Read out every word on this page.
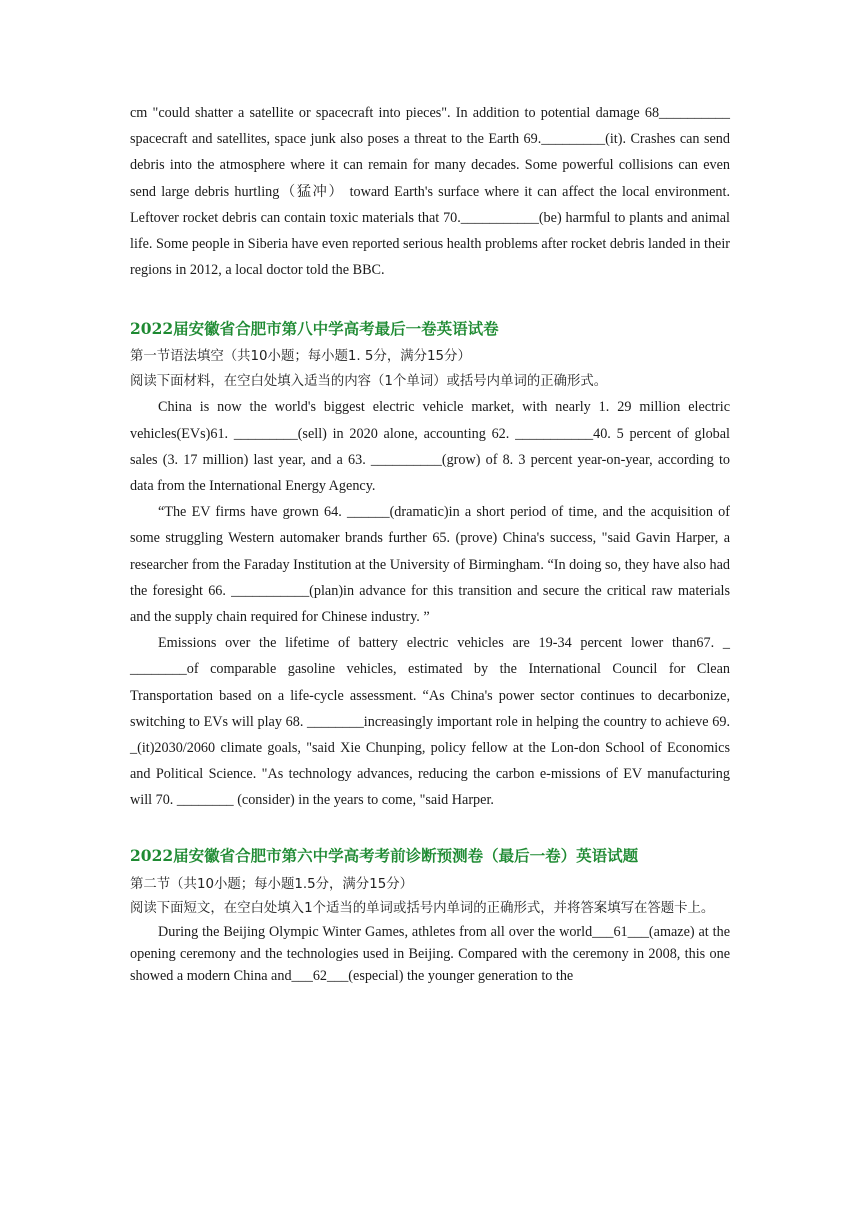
cm "could shatter a satellite or spacecraft into pieces". In addition to potential damage 68__________ spacecraft and satellites, space junk also poses a threat to the Earth 69._________(it). Crashes can send debris into the atmosphere where it can remain for many decades. Some powerful collisions can even send large debris hurtling（猛冲） toward Earth's surface where it can affect the local environment. Leftover rocket debris can contain toxic materials that 70.___________(be) harmful to plants and animal life. Some people in Siberia have even reported serious health problems after rocket debris landed in their regions in 2012, a local doctor told the BBC.

2022届安徽省合肥市第八中学高考最后一卷英语试卷

第一节语法填空（共10小题；每小题1. 5分，满分15分）

阅读下面材料，在空白处填入适当的内容（1个单词）或括号内单词的正确形式。

China is now the world's biggest electric vehicle market, with nearly 1. 29 million electric vehicles(EVs)61. _________(sell) in 2020 alone, accounting 62. ___________40. 5 percent of global sales (3. 17 million) last year, and a 63. __________(grow) of 8. 3 percent year-on-year, according to data from the International Energy Agency.

“The EV firms have grown 64. ______(dramatic)in a short period of time, and the acquisition of some struggling Western automaker brands further 65. (prove) China's success, "said Gavin Harper, a researcher from the Faraday Institution at the University of Birmingham. “In doing so, they have also had the foresight 66. ___________(plan)in advance for this transition and secure the critical raw materials and the supply chain required for Chinese industry. ”

Emissions over the lifetime of battery electric vehicles are 19-34 percent lower than67. _ ________of comparable gasoline vehicles, estimated by the International Council for Clean Transportation based on a life-cycle assessment. “As China's power sector continues to decarbonize, switching to EVs will play 68. ________increasingly important role in helping the country to achieve 69. _(it)2030/2060 climate goals, "said Xie Chunping, policy fellow at the Lon-don School of Economics and Political Science. "As technology advances, reducing the carbon e-missions of EV manufacturing will 70. ________ (consider) in the years to come, "said Harper.

2022届安徽省合肥市第六中学高考考前诊断预测卷（最后一卷）英语试题

第二节（共10小题；每小题1.5分，满分15分）

阅读下面短文，在空白处填入1个适当的单词或括号内单词的正确形式，并将答案填写在答题卡上。

During the Beijing Olympic Winter Games, athletes from all over the world___61___(amaze) at the opening ceremony and the technologies used in Beijing. Compared with the ceremony in 2008, this one showed a modern China and___62___(especial) the younger generation to the
